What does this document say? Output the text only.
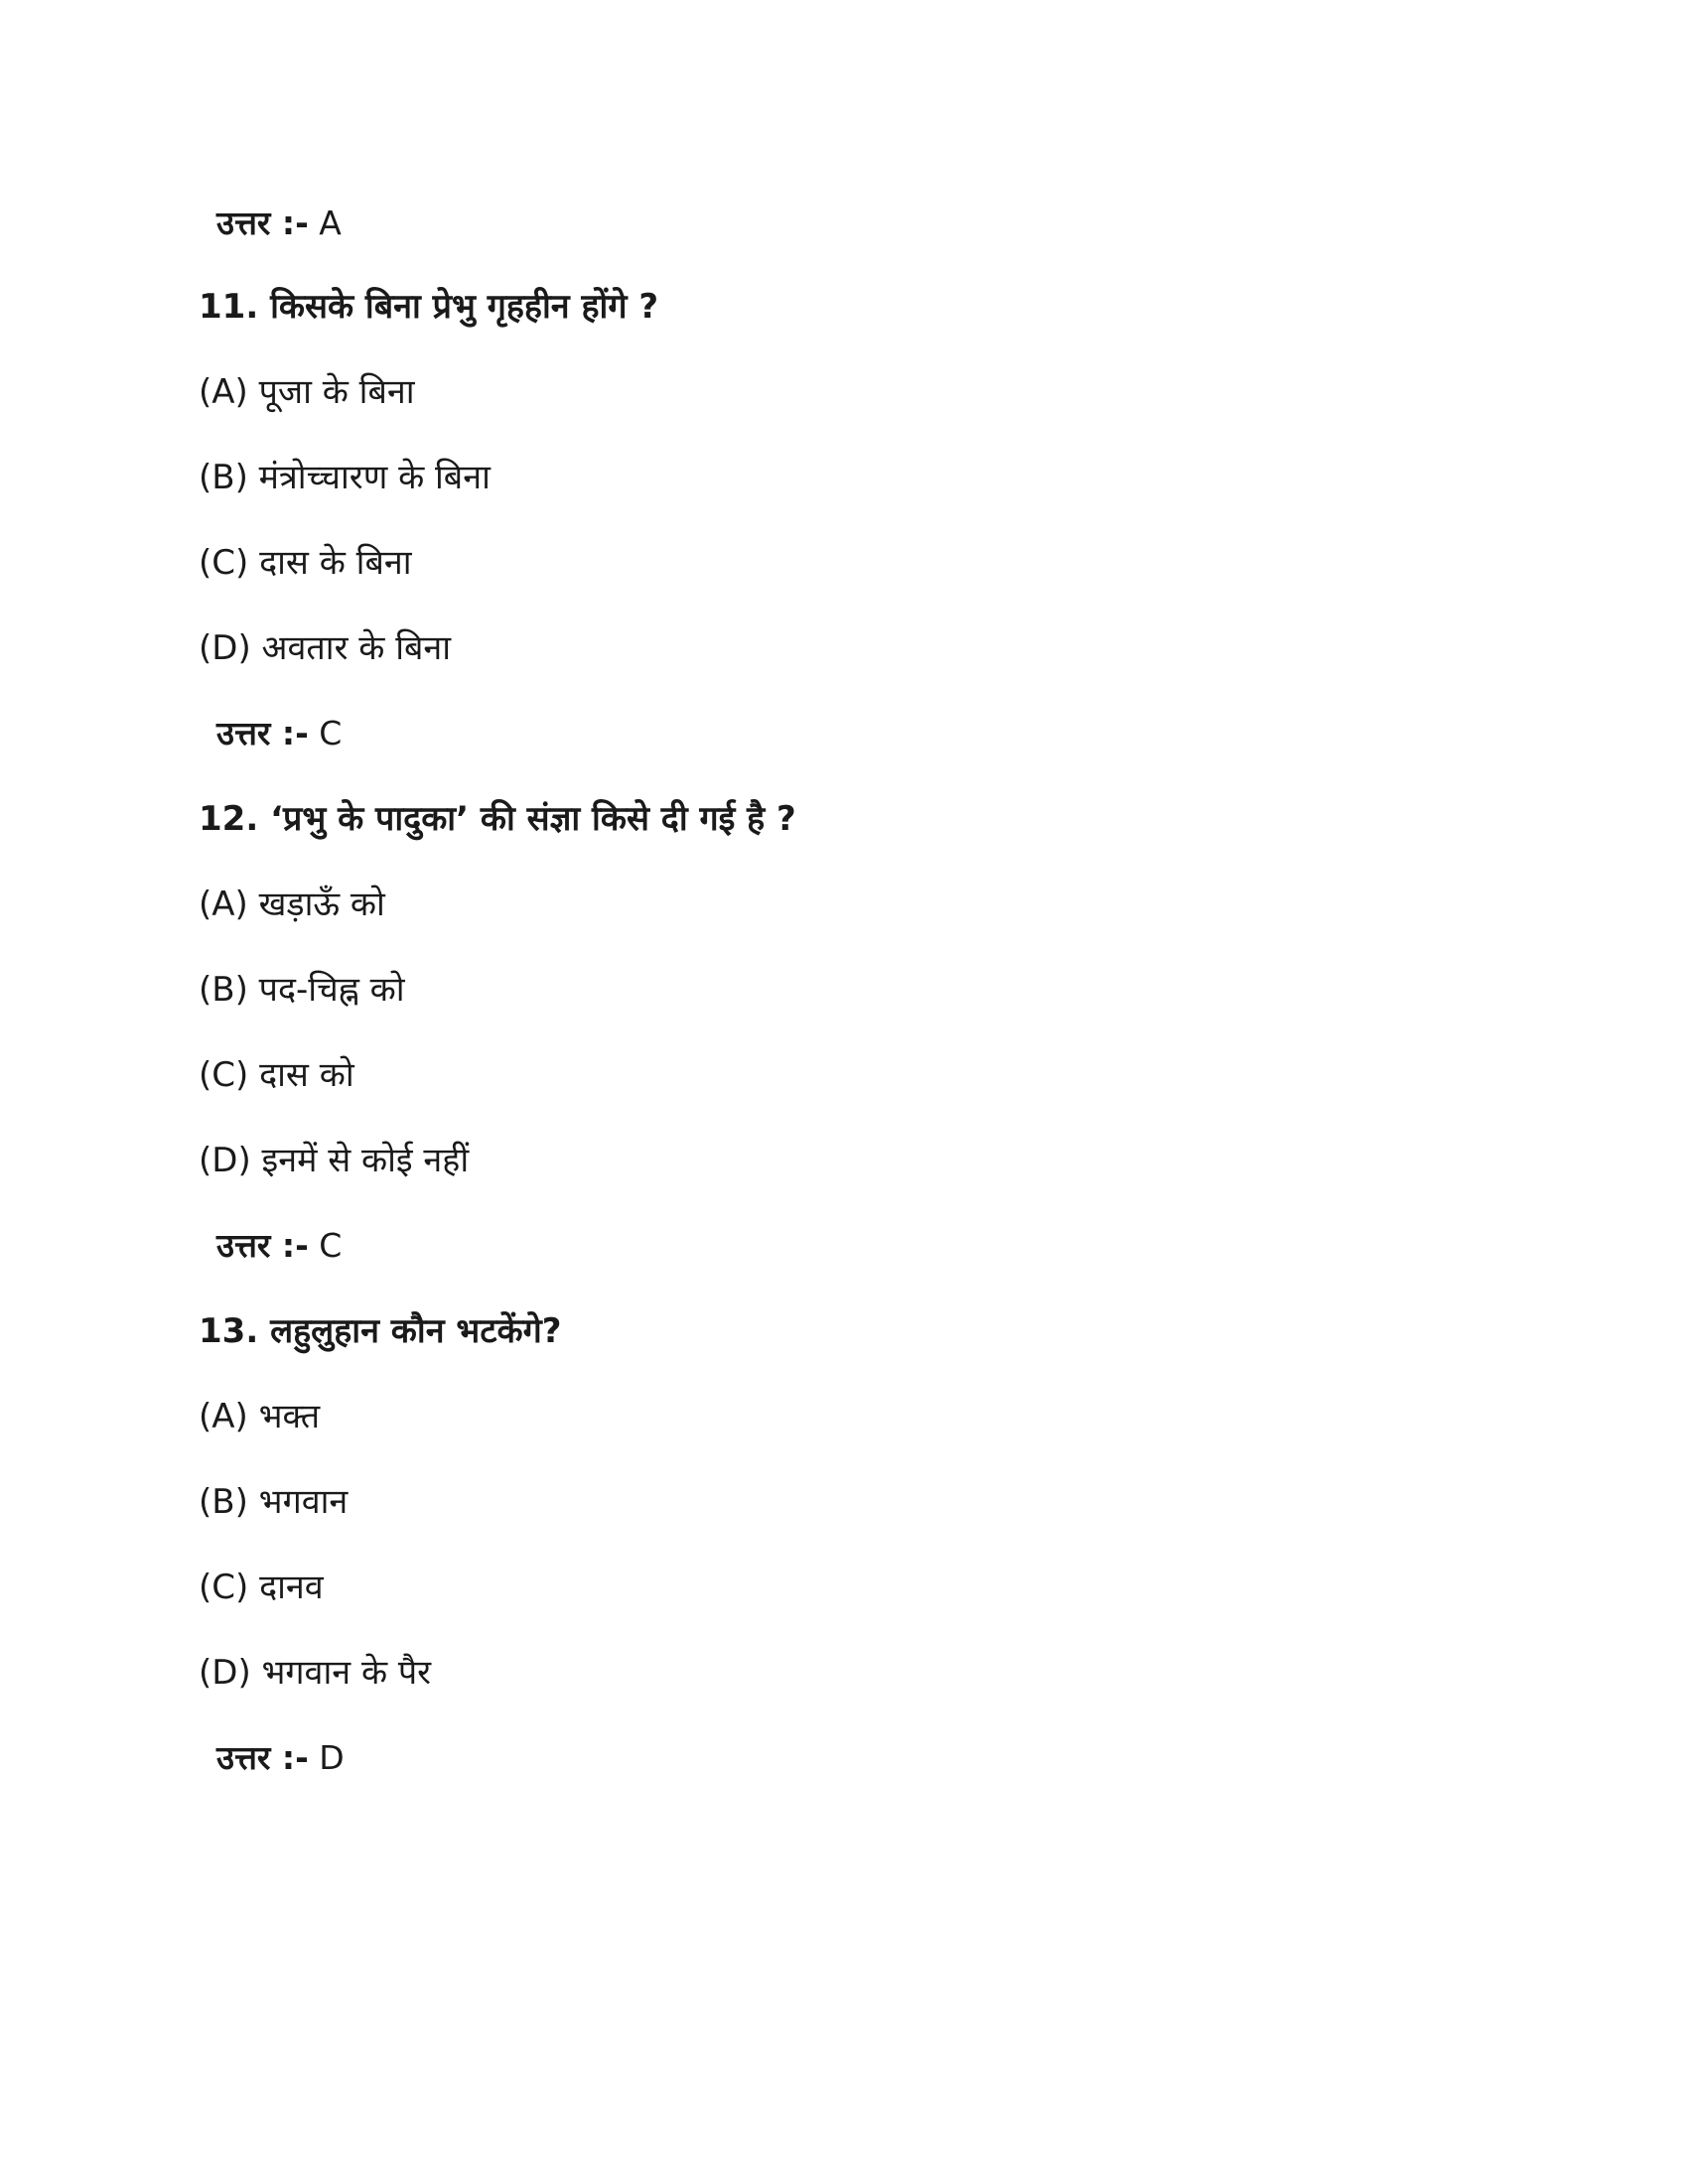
उत्तर :- A
11. किसके बिना प्रेभु गृहहीन होंगे ?
(A) पूजा के बिना
(B) मंत्रोच्चारण के बिना
(C) दास के बिना
(D) अवतार के बिना
उत्तर :- C
12. ‘प्रभु के पादुका’ की संज्ञा किसे दी गई है ?
(A) खड़ाऊँ को
(B) पद-चिह्न को
(C) दास को
(D) इनमें से कोई नहीं
उत्तर :- C
13. लहुलुहान कौन भटकेंगे?
(A) भक्त
(B) भगवान
(C) दानव
(D) भगवान के पैर
उत्तर :- D
